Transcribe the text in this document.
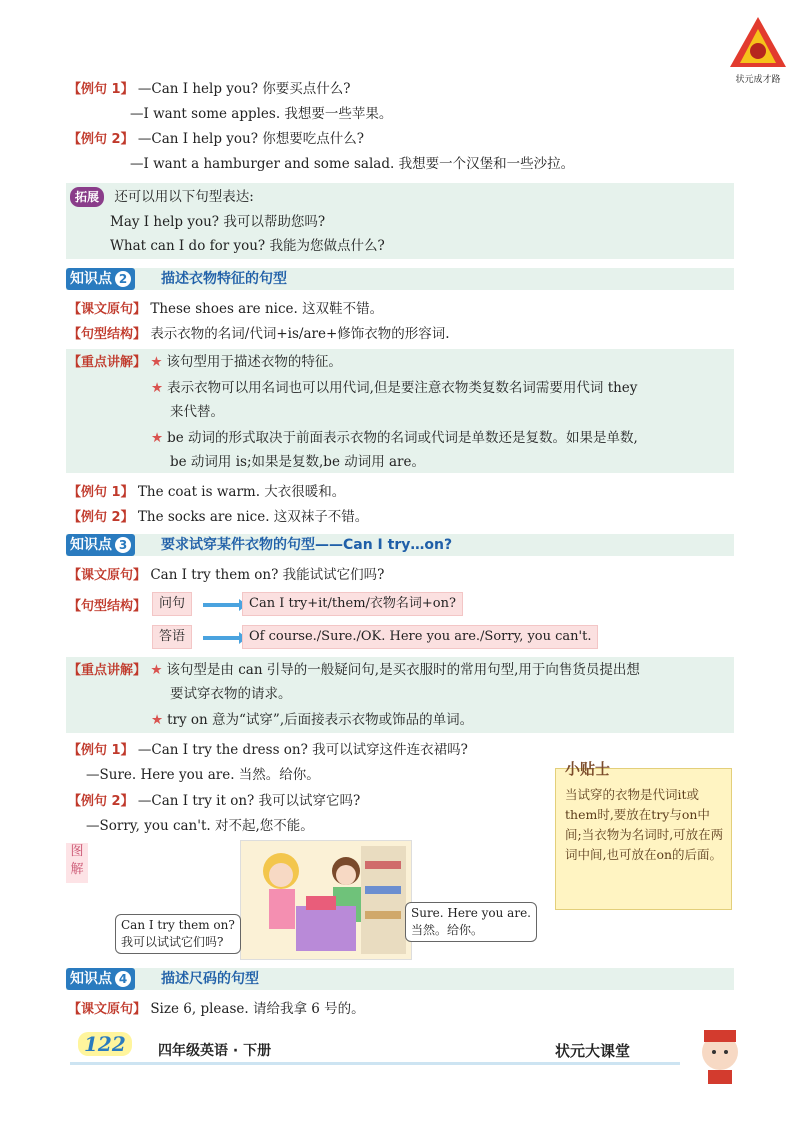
状元成才路
【例句 1】 —Can I help you? 你要买点什么?
—I want some apples. 我想要一些苹果。
【例句 2】 —Can I help you? 你想要吃点什么?
—I want a hamburger and some salad. 我想要一个汉堡和一些沙拉。
拓展 还可以用以下句型表达:
May I help you? 我可以帮助您吗?
What can I do for you? 我能为您做点什么?
知识点 2	描述衣物特征的句型
【课文原句】 These shoes are nice. 这双鞋不错。
【句型结构】 表示衣物的名词/代词+is/are+修饰衣物的形容词.
【重点讲解】 ★ 该句型用于描述衣物的特征。
★ 表示衣物可以用名词也可以用代词,但是要注意衣物类复数名词需要用代词 they
来代替。
★ be 动词的形式取决于前面表示衣物的名词或代词是单数还是复数。如果是单数,
be 动词用 is;如果是复数,be 动词用 are。
【例句 1】 The coat is warm. 大衣很暖和。
【例句 2】 The socks are nice. 这双袜子不错。
知识点 3	要求试穿某件衣物的句型——Can I try…on?
【课文原句】 Can I try them on? 我能试试它们吗?
【句型结构】 问句	Can I try+it/them/衣物名词+on?
答语	Of course./Sure./OK. Here you are./Sorry, you can't.
【重点讲解】 ★ 该句型是由 can 引导的一般疑问句,是买衣服时的常用句型,用于向售货员提出想
要试穿衣物的请求。
★ try on 意为“试穿”,后面接表示衣物或饰品的单词。
【例句 1】 —Can I try the dress on? 我可以试穿这件连衣裙吗?
—Sure. Here you are. 当然。给你。
【例句 2】 —Can I try it on? 我可以试穿它吗?
—Sorry, you can't. 对不起,您不能。
小贴士
当试穿的衣物是代词it或them时,要放在try与on中间;当衣物为名词时,可放在两词中间,也可放在on的后面。
图解
Can I try them on?
我可以试试它们吗?
Sure. Here you are.
当然。给你。
知识点 4	描述尺码的句型
【课文原句】 Size 6, please. 请给我拿 6 号的。
122	四年级英语 · 下册	状元大课堂
